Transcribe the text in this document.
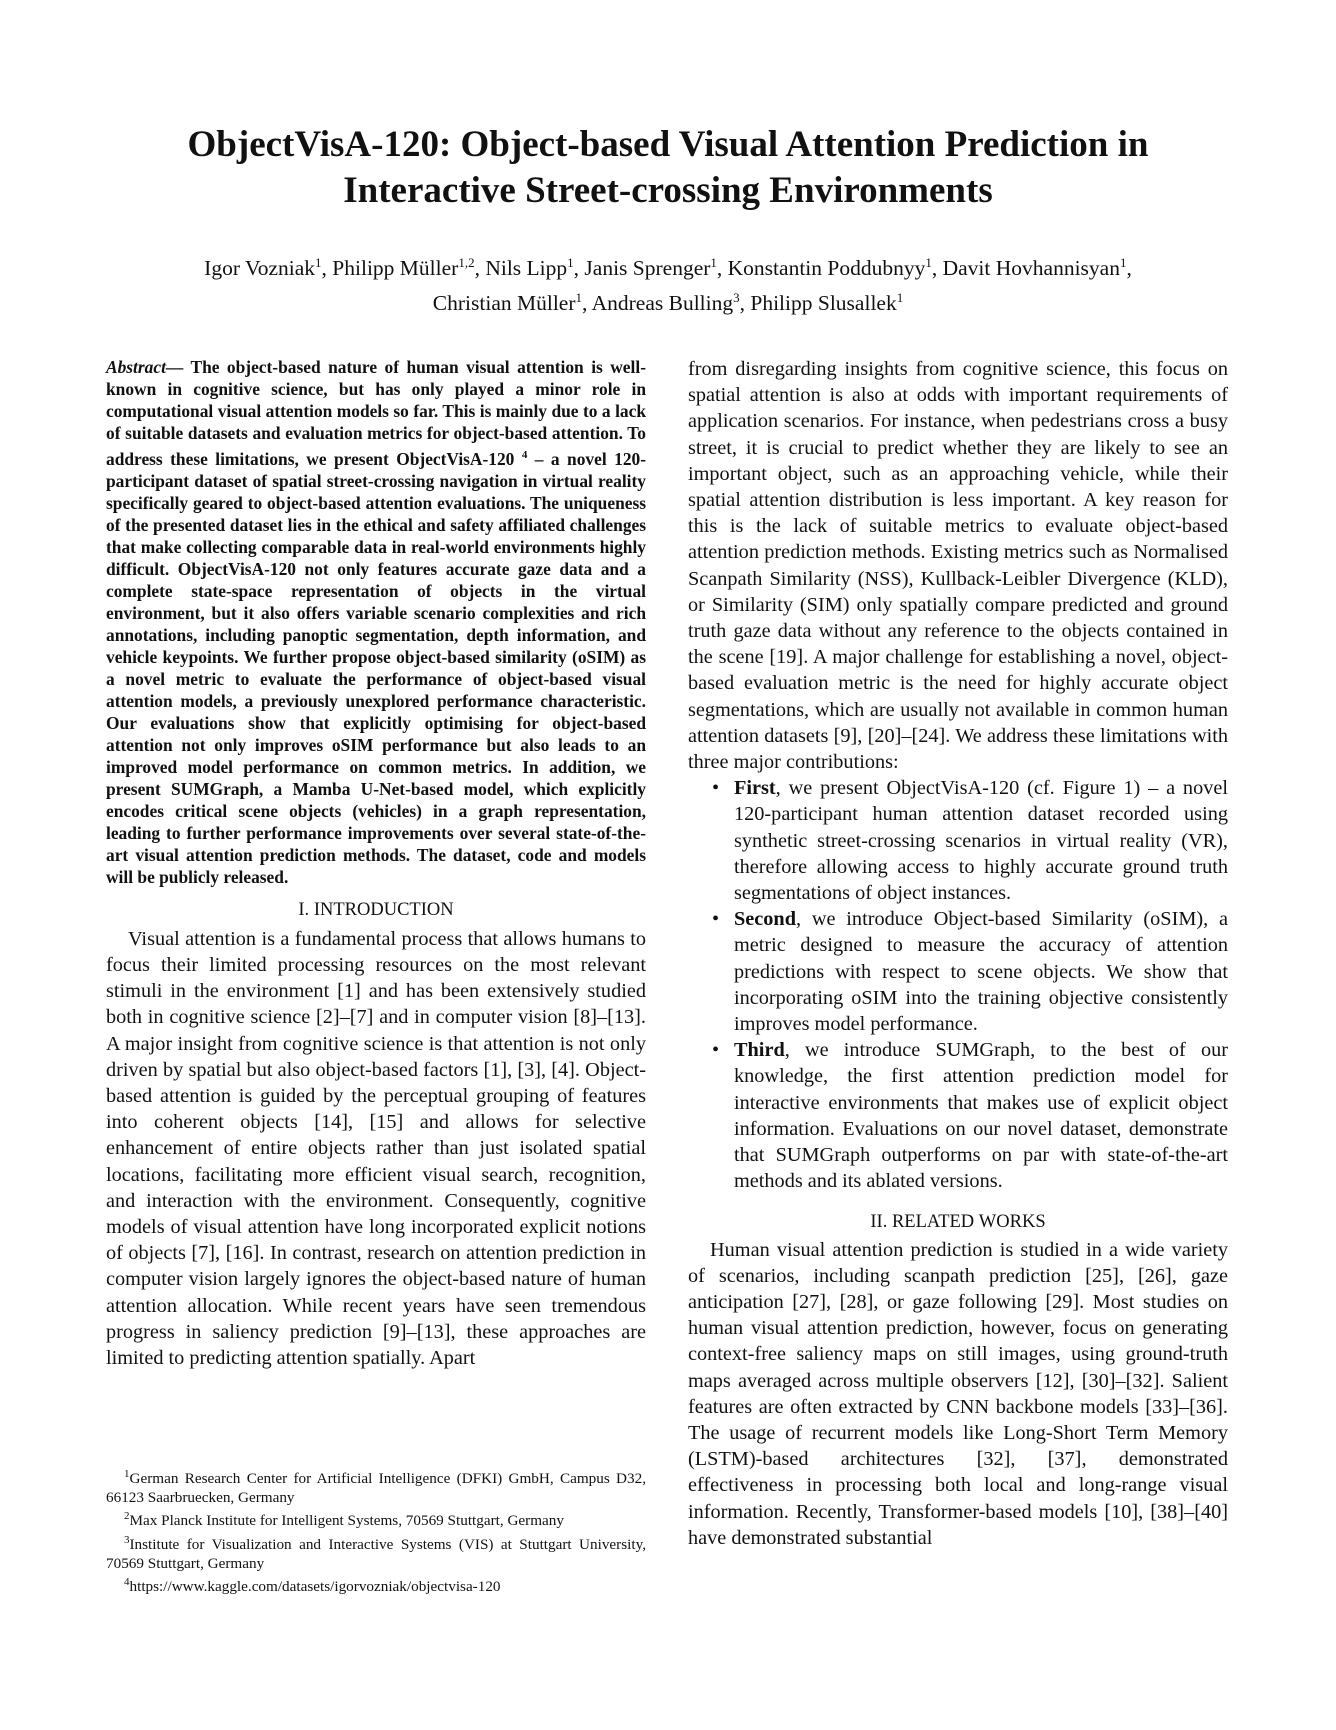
ObjectVisA-120: Object-based Visual Attention Prediction in
Interactive Street-crossing Environments
Igor Vozniak$^1$, Philipp Müller$^{1,2}$, Nils Lipp$^1$, Janis Sprenger$^1$, Konstantin Poddubnyy$^1$, Davit Hovhannisyan$^1$,
Christian Müller$^1$, Andreas Bulling$^3$, Philipp Slusallek$^1$

Abstract— The object-based nature of human visual attention is well-known in cognitive science, but has only played a minor role in computational visual attention models so far. This is mainly due to a lack of suitable datasets and evaluation metrics for object-based attention. To address these limitations, we present ObjectVisA-120 $^4$ – a novel 120-participant dataset of spatial street-crossing navigation in virtual reality specifically geared to object-based attention evaluations. The uniqueness of the presented dataset lies in the ethical and safety affiliated challenges that make collecting comparable data in real-world environments highly difficult. ObjectVisA-120 not only features accurate gaze data and a complete state-space representation of objects in the virtual environment, but it also offers variable scenario complexities and rich annotations, including panoptic segmentation, depth information, and vehicle keypoints. We further propose object-based similarity (oSIM) as a novel metric to evaluate the performance of object-based visual attention models, a previously unexplored performance characteristic. Our evaluations show that explicitly optimising for object-based attention not only improves oSIM performance but also leads to an improved model performance on common metrics. In addition, we present SUMGraph, a Mamba U-Net-based model, which explicitly encodes critical scene objects (vehicles) in a graph representation, leading to further performance improvements over several state-of-the-art visual attention prediction methods. The dataset, code and models will be publicly released.

I. INTRODUCTION

Visual attention is a fundamental process that allows humans to focus their limited processing resources on the most relevant stimuli in the environment [1] and has been extensively studied both in cognitive science [2]–[7] and in computer vision [8]–[13]. A major insight from cognitive science is that attention is not only driven by spatial but also object-based factors [1], [3], [4]. Object-based attention is guided by the perceptual grouping of features into coherent objects [14], [15] and allows for selective enhancement of entire objects rather than just isolated spatial locations, facilitating more efficient visual search, recognition, and interaction with the environment. Consequently, cognitive models of visual attention have long incorporated explicit notions of objects [7], [16]. In contrast, research on attention prediction in computer vision largely ignores the object-based nature of human attention allocation. While recent years have seen tremendous progress in saliency prediction [9]–[13], these approaches are limited to predicting attention spatially. Apart

$^1$German Research Center for Artificial Intelligence (DFKI) GmbH, Campus D32, 66123 Saarbruecken, Germany

$^2$Max Planck Institute for Intelligent Systems, 70569 Stuttgart, Germany

$^3$Institute for Visualization and Interactive Systems (VIS) at Stuttgart University, 70569 Stuttgart, Germany

$^4$https://www.kaggle.com/datasets/igorvozniak/objectvisa-120

from disregarding insights from cognitive science, this focus on spatial attention is also at odds with important requirements of application scenarios. For instance, when pedestrians cross a busy street, it is crucial to predict whether they are likely to see an important object, such as an approaching vehicle, while their spatial attention distribution is less important. A key reason for this is the lack of suitable metrics to evaluate object-based attention prediction methods. Existing metrics such as Normalised Scanpath Similarity (NSS), Kullback-Leibler Divergence (KLD), or Similarity (SIM) only spatially compare predicted and ground truth gaze data without any reference to the objects contained in the scene [19]. A major challenge for establishing a novel, object-based evaluation metric is the need for highly accurate object segmentations, which are usually not available in common human attention datasets [9], [20]–[24]. We address these limitations with three major contributions:

• First, we present ObjectVisA-120 (cf. Figure 1) – a novel 120-participant human attention dataset recorded using synthetic street-crossing scenarios in virtual reality (VR), therefore allowing access to highly accurate ground truth segmentations of object instances.
• Second, we introduce Object-based Similarity (oSIM), a metric designed to measure the accuracy of attention predictions with respect to scene objects. We show that incorporating oSIM into the training objective consistently improves model performance.
• Third, we introduce SUMGraph, to the best of our knowledge, the first attention prediction model for interactive environments that makes use of explicit object information. Evaluations on our novel dataset, demonstrate that SUMGraph outperforms on par with state-of-the-art methods and its ablated versions.
II. RELATED WORKS

Human visual attention prediction is studied in a wide variety of scenarios, including scanpath prediction [25], [26], gaze anticipation [27], [28], or gaze following [29]. Most studies on human visual attention prediction, however, focus on generating context-free saliency maps on still images, using ground-truth maps averaged across multiple observers [12], [30]–[32]. Salient features are often extracted by CNN backbone models [33]–[36]. The usage of recurrent models like Long-Short Term Memory (LSTM)-based architectures [32], [37], demonstrated effectiveness in processing both local and long-range visual information. Recently, Transformer-based models [10], [38]–[40] have demonstrated substantial
